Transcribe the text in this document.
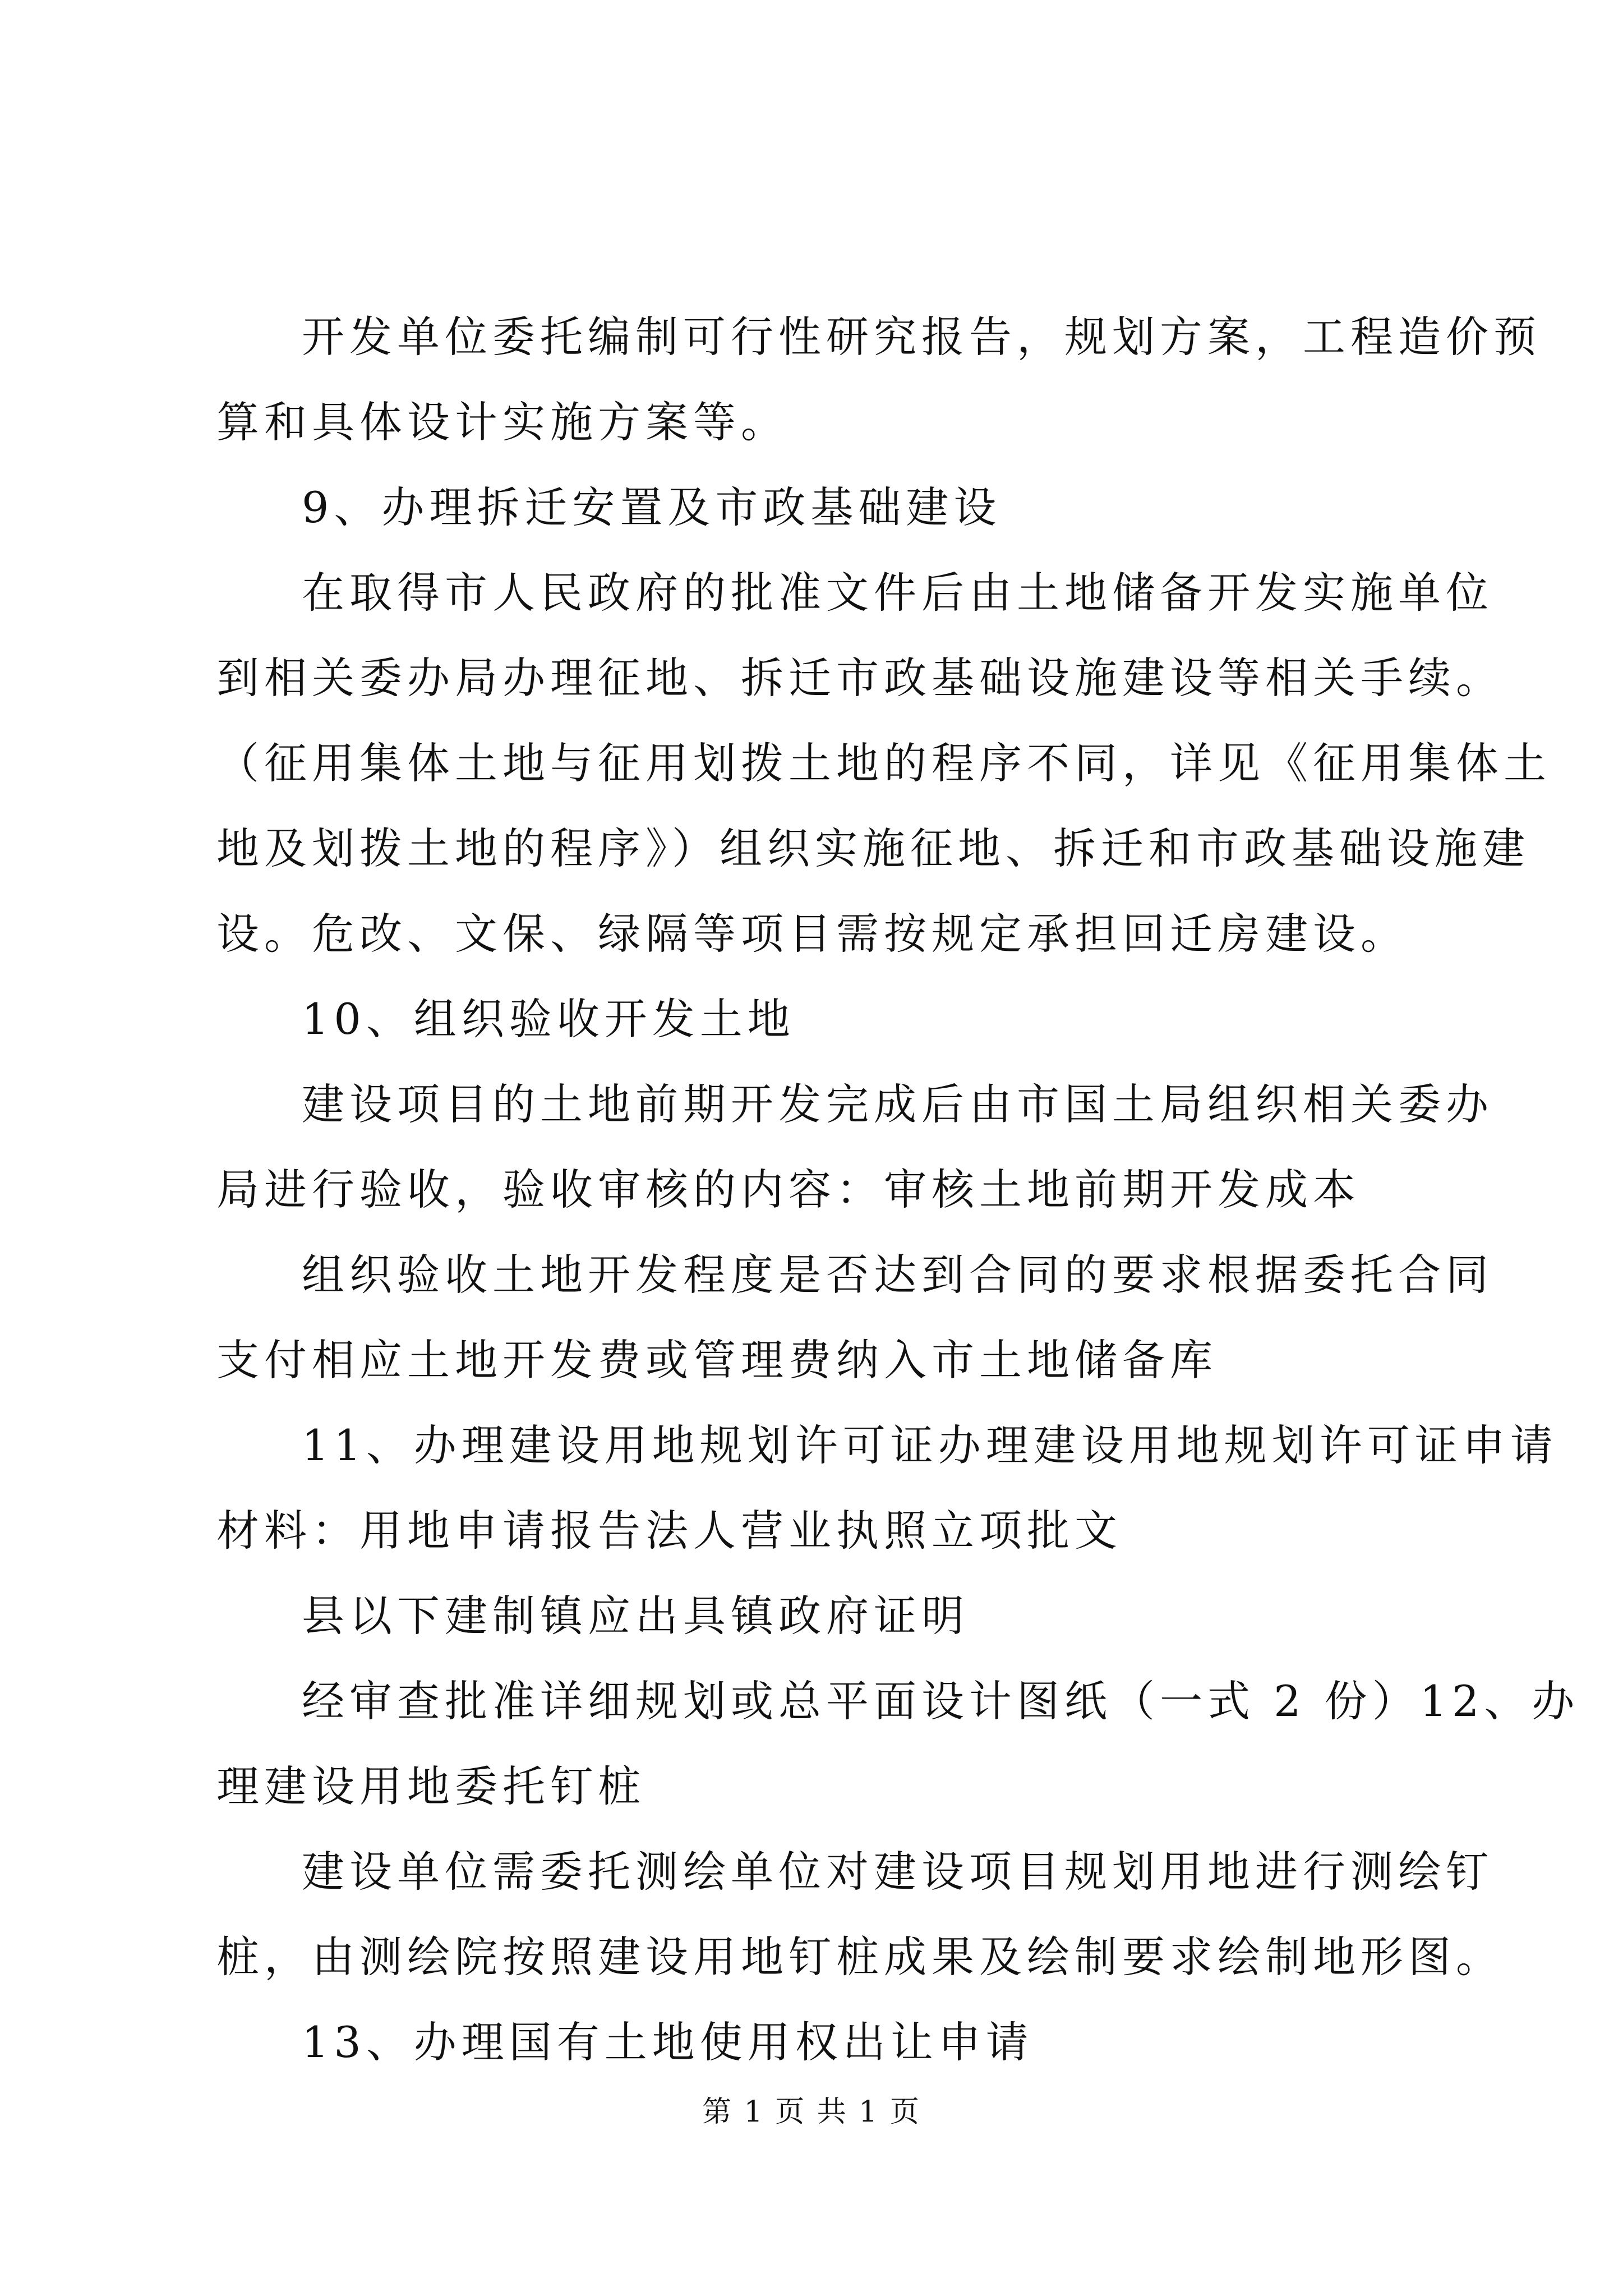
开发单位委托编制可行性研究报告，规划方案，工程造价预
算和具体设计实施方案等。
9、办理拆迁安置及市政基础建设
在取得市人民政府的批准文件后由土地储备开发实施单位
到相关委办局办理征地、拆迁市政基础设施建设等相关手续。
（征用集体土地与征用划拨土地的程序不同，详见《征用集体土
地及划拨土地的程序》）组织实施征地、拆迁和市政基础设施建
设。危改、文保、绿隔等项目需按规定承担回迁房建设。
10、组织验收开发土地
建设项目的土地前期开发完成后由市国土局组织相关委办
局进行验收，验收审核的内容：审核土地前期开发成本
组织验收土地开发程度是否达到合同的要求根据委托合同
支付相应土地开发费或管理费纳入市土地储备库
11、办理建设用地规划许可证办理建设用地规划许可证申请
材料：用地申请报告法人营业执照立项批文
县以下建制镇应出具镇政府证明
经审查批准详细规划或总平面设计图纸（一式 2 份）12、办
理建设用地委托钉桩
建设单位需委托测绘单位对建设项目规划用地进行测绘钉
桩，由测绘院按照建设用地钉桩成果及绘制要求绘制地形图。
13、办理国有土地使用权出让申请
第 1 页 共 1 页
